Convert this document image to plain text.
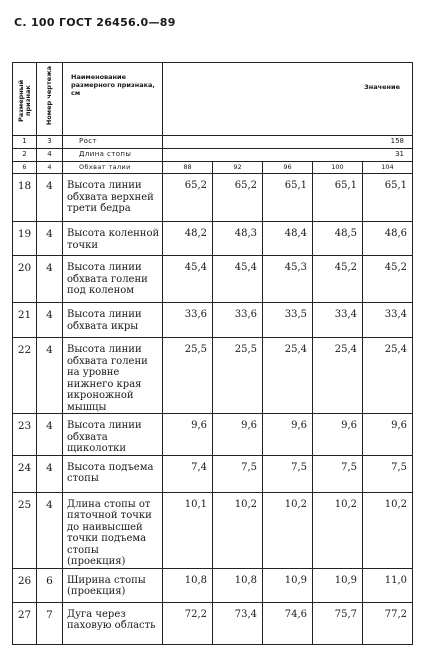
С. 100 ГОСТ 26456.0—89
Размерный признак	Номер чертежа	Наименование размерного признака, см	Значение				
1	3	Рост	158				
2	4	Длина стопы	31				
6	4	Обхват талии	88	92	96	100	104
18	4	Высота линии обхвата верхней трети бедра	65,2	65,2	65,1	65,1	65,1
19	4	Высота коленной точки	48,2	48,3	48,4	48,5	48,6
20	4	Высота линии обхвата голени под коленом	45,4	45,4	45,3	45,2	45,2
21	4	Высота линии обхвата икры	33,6	33,6	33,5	33,4	33,4
22	4	Высота линии обхвата голени на уровне нижнего края икроножной мышцы	25,5	25,5	25,4	25,4	25,4
23	4	Высота линии обхвата щиколотки	9,6	9,6	9,6	9,6	9,6
24	4	Высота подъема стопы	7,4	7,5	7,5	7,5	7,5
25	4	Длина стопы от пяточной точки до наивысшей точки подъема стопы (проекция)	10,1	10,2	10,2	10,2	10,2
26	6	Ширина стопы (проекция)	10,8	10,8	10,9	10,9	11,0
27	7	Дуга через паховую область	72,2	73,4	74,6	75,7	77,2
